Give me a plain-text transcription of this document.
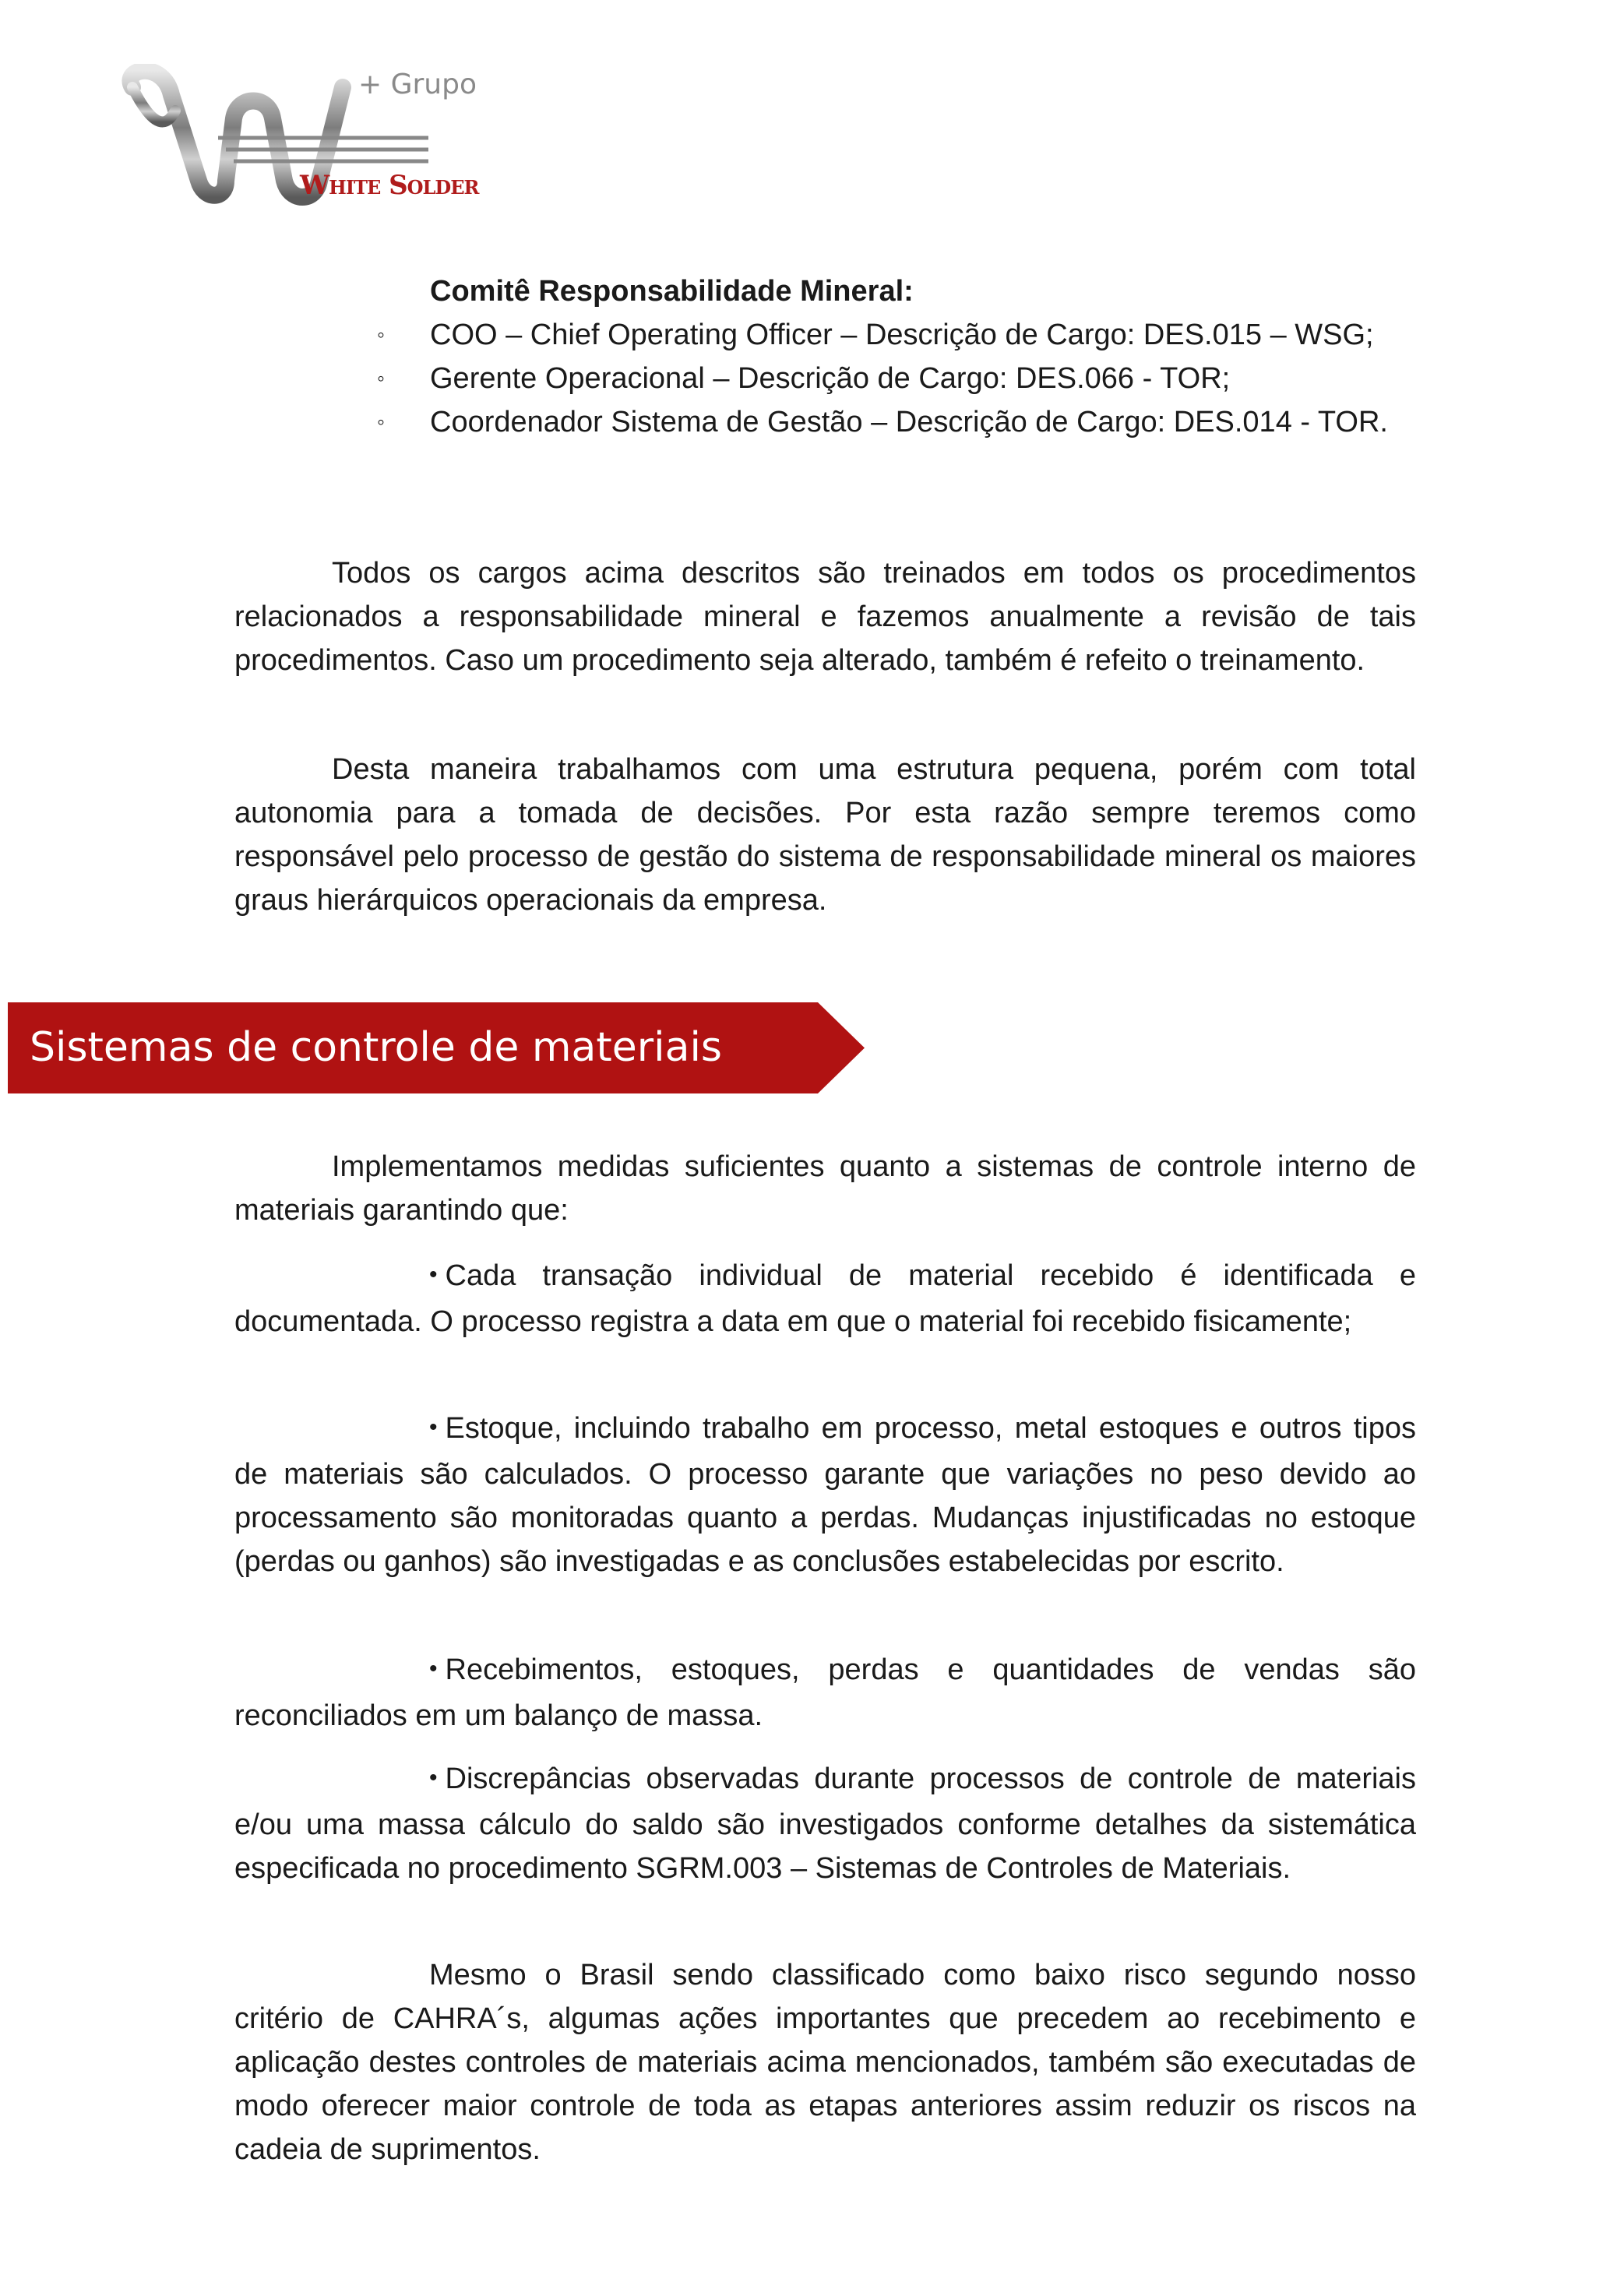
+ Grupo
White Solder

Comitê Responsabilidade Mineral:

◦ COO – Chief Operating Officer – Descrição de Cargo: DES.015 – WSG;
◦ Gerente Operacional – Descrição de Cargo: DES.066 - TOR;
◦ Coordenador Sistema de Gestão – Descrição de Cargo: DES.014 - TOR.

Todos os cargos acima descritos são treinados em todos os procedimentos relacionados a responsabilidade mineral e fazemos anualmente a revisão de tais procedimentos. Caso um procedimento seja alterado, também é refeito o treinamento.

Desta maneira trabalhamos com uma estrutura pequena, porém com total autonomia para a tomada de decisões. Por esta razão sempre teremos como responsável pelo processo de gestão do sistema de responsabilidade mineral os maiores graus hierárquicos operacionais da empresa.

Sistemas de controle de materiais

Implementamos medidas suficientes quanto a sistemas de controle interno de materiais garantindo que:

• Cada transação individual de material recebido é identificada e documentada. O processo registra a data em que o material foi recebido fisicamente;

• Estoque, incluindo trabalho em processo, metal estoques e outros tipos de materiais são calculados. O processo garante que variações no peso devido ao processamento são monitoradas quanto a perdas. Mudanças injustificadas no estoque (perdas ou ganhos) são investigadas e as conclusões estabelecidas por escrito.

• Recebimentos, estoques, perdas e quantidades de vendas são reconciliados em um balanço de massa.

• Discrepâncias observadas durante processos de controle de materiais e/ou uma massa cálculo do saldo são investigados conforme detalhes da sistemática especificada no procedimento SGRM.003 – Sistemas de Controles de Materiais.

Mesmo o Brasil sendo classificado como baixo risco segundo nosso critério de CAHRA´s, algumas ações importantes que precedem ao recebimento e aplicação destes controles de materiais acima mencionados, também são executadas de modo oferecer maior controle de toda as etapas anteriores assim reduzir os riscos na cadeia de suprimentos.
